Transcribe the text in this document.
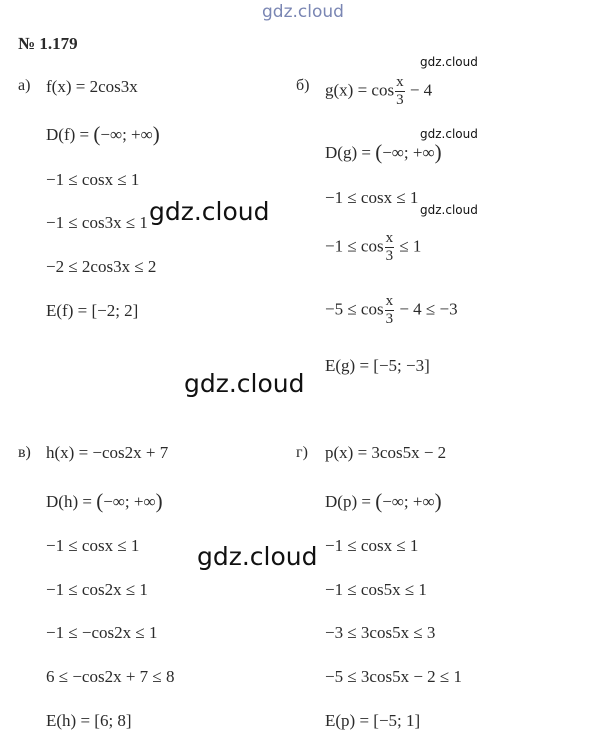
gdz.cloud
№ 1.179
а) f(x) = 2cos3x
D(f) = (−∞; +∞)
−1 ≤ cosx ≤ 1
−1 ≤ cos3x ≤ 1
−2 ≤ 2cos3x ≤ 2
E(f) = [−2; 2]
б) $g(x) = \cos \frac{x}{3} - 4$
D(g) = (−∞; +∞)
−1 ≤ cosx ≤ 1
$-1 \le \cos \frac{x}{3} \le 1$
$-5 \le \cos \frac{x}{3} - 4 \le -3$
E(g) = [−5; −3]
в) h(x) = −cos2x + 7
D(h) = (−∞; +∞)
−1 ≤ cosx ≤ 1
−1 ≤ cos2x ≤ 1
−1 ≤ −cos2x ≤ 1
6 ≤ −cos2x + 7 ≤ 8
E(h) = [6; 8]
г) p(x) = 3cos5x − 2
D(p) = (−∞; +∞)
−1 ≤ cosx ≤ 1
−1 ≤ cos5x ≤ 1
−3 ≤ 3cos5x ≤ 3
−5 ≤ 3cos5x − 2 ≤ 1
E(p) = [−5; 1]
gdz.cloud
gdz.cloud
gdz.cloud
gdz.cloud
gdz.cloud
gdz.cloud
